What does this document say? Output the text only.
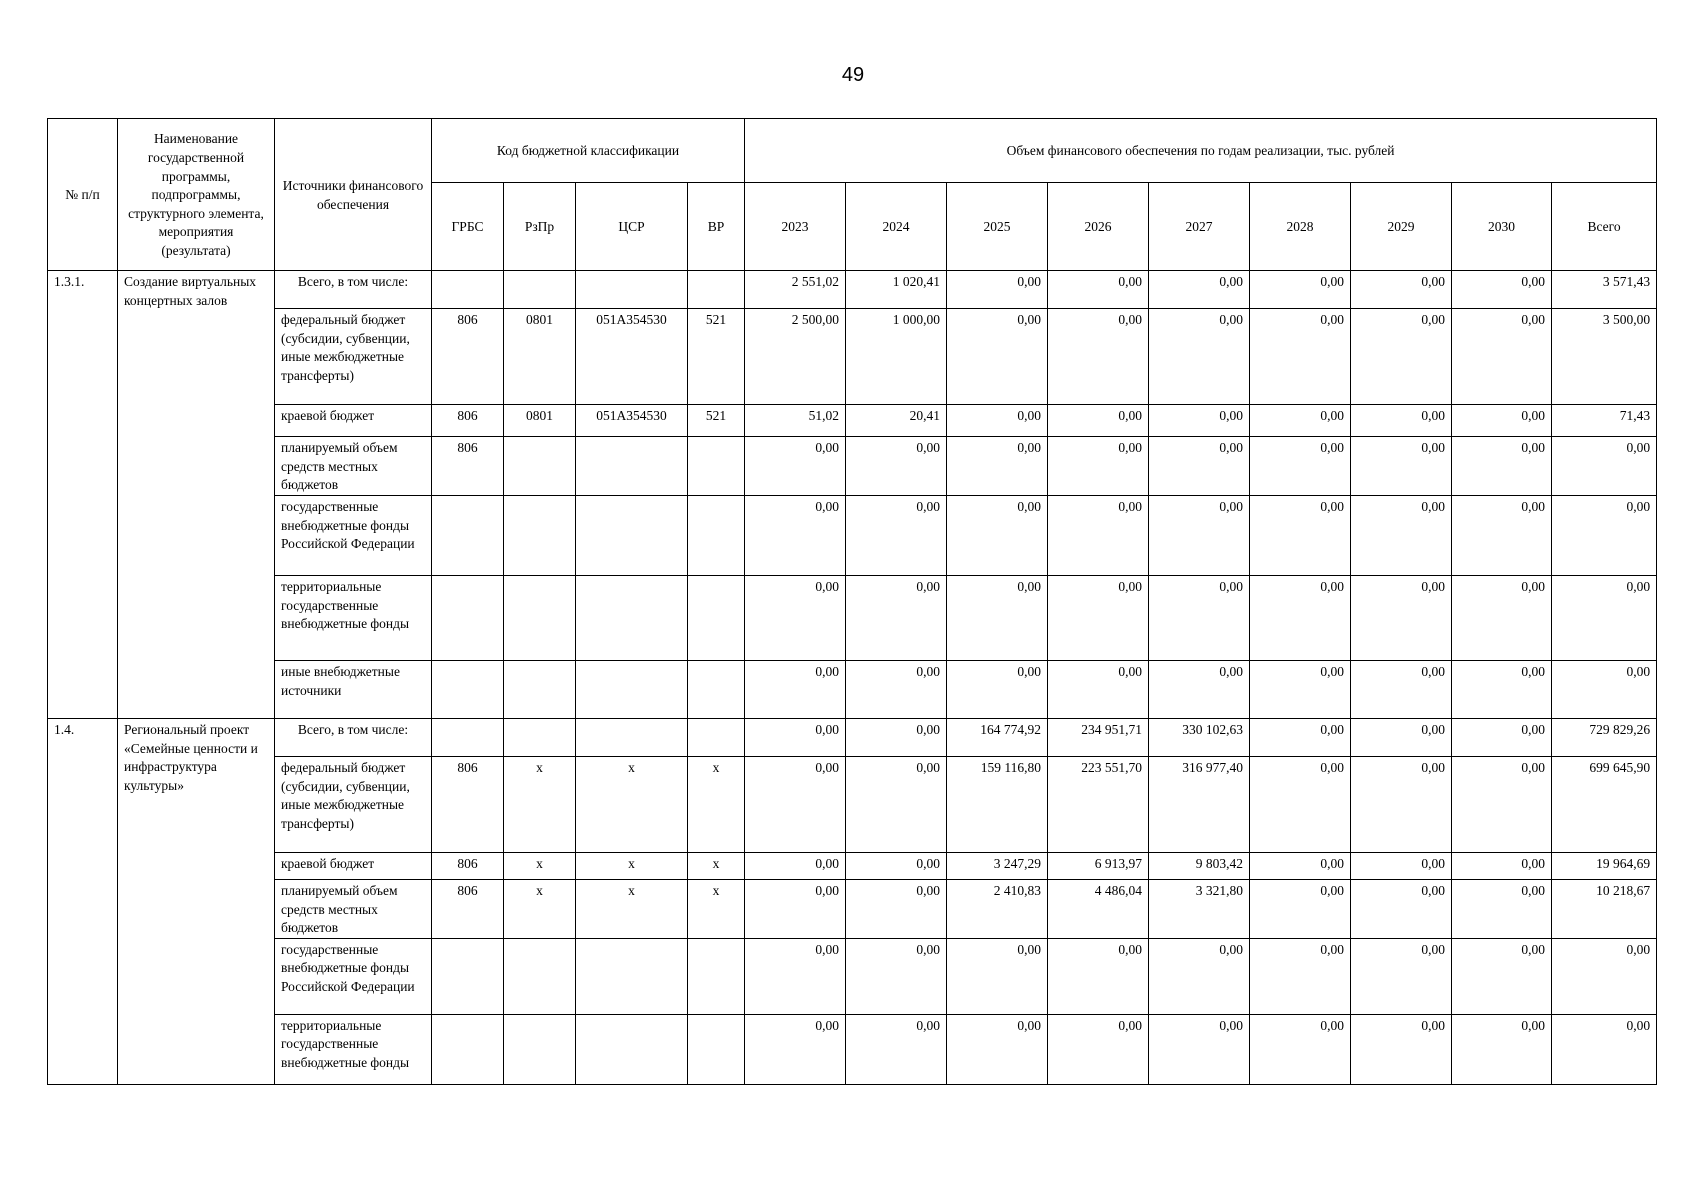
49
№ п/п	Наименование государственной программы, подпрограммы, структурного элемента, мероприятия (результата)	Источники финансового обеспечения	Код бюджетной классификации				Объем финансового обеспечения по годам реализации, тыс. рублей								
			ГРБС	РзПр	ЦСР	ВР	2023	2024	2025	2026	2027	2028	2029	2030	Всего
1.3.1.	Создание виртуальных концертных залов	Всего, в том числе:					2 551,02	1 020,41	0,00	0,00	0,00	0,00	0,00	0,00	3 571,43
		федеральный бюджет (субсидии, субвенции, иные межбюджетные трансферты)	806	0801	051А354530	521	2 500,00	1 000,00	0,00	0,00	0,00	0,00	0,00	0,00	3 500,00
		краевой бюджет	806	0801	051А354530	521	51,02	20,41	0,00	0,00	0,00	0,00	0,00	0,00	71,43
		планируемый объем средств местных бюджетов	806				0,00	0,00	0,00	0,00	0,00	0,00	0,00	0,00	0,00
		государственные внебюджетные фонды Российской Федерации					0,00	0,00	0,00	0,00	0,00	0,00	0,00	0,00	0,00
		территориальные государственные внебюджетные фонды					0,00	0,00	0,00	0,00	0,00	0,00	0,00	0,00	0,00
		иные внебюджетные источники					0,00	0,00	0,00	0,00	0,00	0,00	0,00	0,00	0,00
1.4.	Региональный проект «Семейные ценности и инфраструктура культуры»	Всего, в том числе:					0,00	0,00	164 774,92	234 951,71	330 102,63	0,00	0,00	0,00	729 829,26
		федеральный бюджет (субсидии, субвенции, иные межбюджетные трансферты)	806	х	х	х	0,00	0,00	159 116,80	223 551,70	316 977,40	0,00	0,00	0,00	699 645,90
		краевой бюджет	806	х	х	х	0,00	0,00	3 247,29	6 913,97	9 803,42	0,00	0,00	0,00	19 964,69
		планируемый объем средств местных бюджетов	806	х	х	х	0,00	0,00	2 410,83	4 486,04	3 321,80	0,00	0,00	0,00	10 218,67
		государственные внебюджетные фонды Российской Федерации					0,00	0,00	0,00	0,00	0,00	0,00	0,00	0,00	0,00
		территориальные государственные внебюджетные фонды					0,00	0,00	0,00	0,00	0,00	0,00	0,00	0,00	0,00
